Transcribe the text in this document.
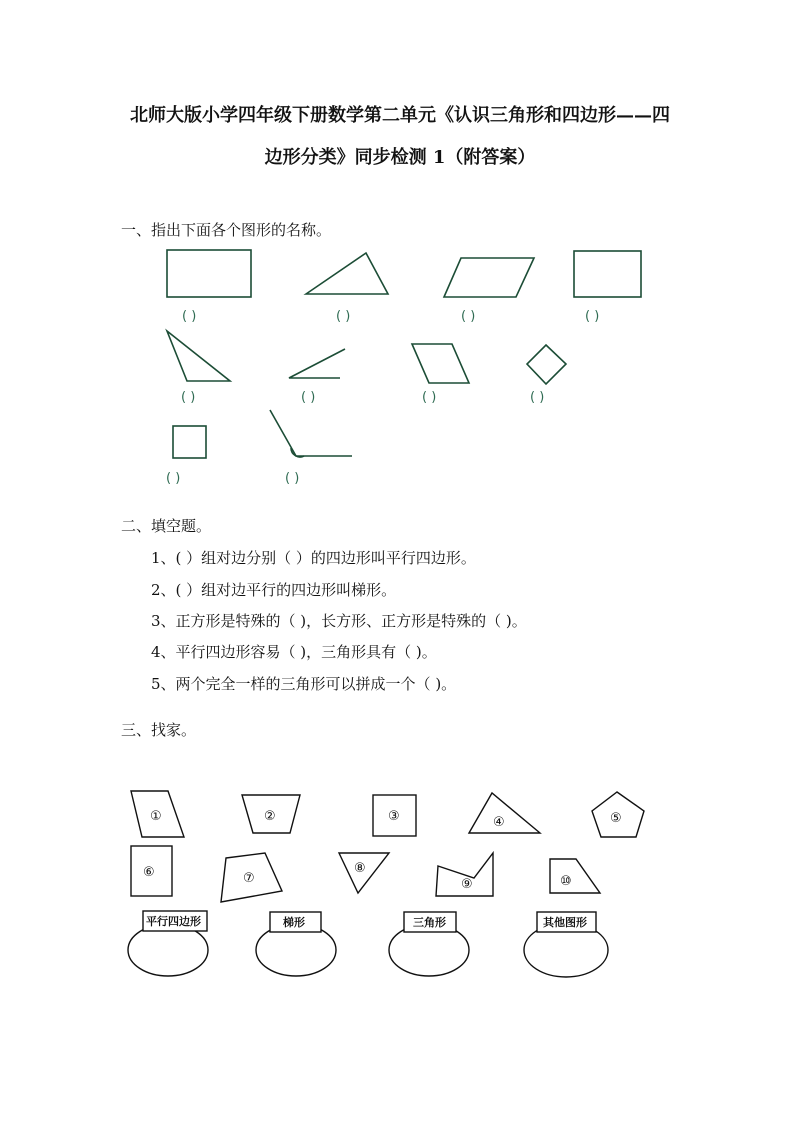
北师大版小学四年级下册数学第二单元《认识三角形和四边形——四
边形分类》同步检测 1（附答案）
一、指出下面各个图形的名称。
二、填空题。
1、( ）组对边分别（ ）的四边形叫平行四边形。
2、( ）组对边平行的四边形叫梯形。
3、正方形是特殊的（ )，长方形、正方形是特殊的（ )。
4、平行四边形容易（ )，三角形具有（ )。
5、两个完全一样的三角形可以拼成一个（ )。
三、找家。
( )	( )	( )	( )
( )	( )	( )	( )
( )	( )
①	②	③	④	⑤
⑥	⑦
⑧
⑨	⑩
平行四边形	梯形	三角形	其他图形
